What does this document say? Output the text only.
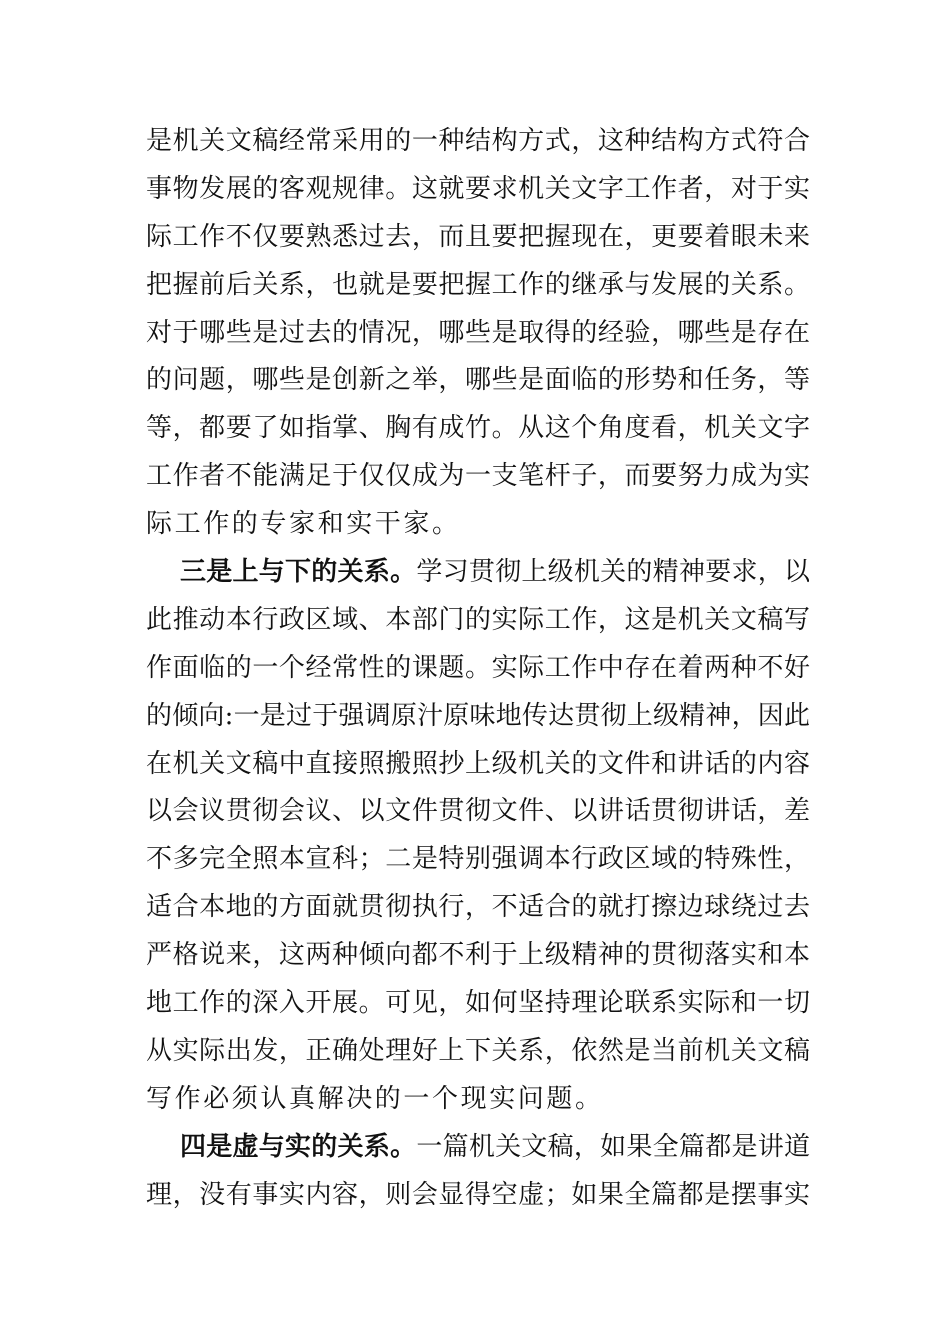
是机关文稿经常采用的一种结构方式，这种结构方式符合
事物发展的客观规律。这就要求机关文字工作者，对于实
际工作不仅要熟悉过去，而且要把握现在，更要着眼未来
把握前后关系，也就是要把握工作的继承与发展的关系。
对于哪些是过去的情况，哪些是取得的经验，哪些是存在
的问题，哪些是创新之举，哪些是面临的形势和任务，等
等，都要了如指掌、胸有成竹。从这个角度看，机关文字
工作者不能满足于仅仅成为一支笔杆子，而要努力成为实
际工作的专家和实干家。
三是上与下的关系。学习贯彻上级机关的精神要求，以
此推动本行政区域、本部门的实际工作，这是机关文稿写
作面临的一个经常性的课题。实际工作中存在着两种不好
的倾向:一是过于强调原汁原味地传达贯彻上级精神，因此
在机关文稿中直接照搬照抄上级机关的文件和讲话的内容
以会议贯彻会议、以文件贯彻文件、以讲话贯彻讲话，差
不多完全照本宣科；二是特别强调本行政区域的特殊性，
适合本地的方面就贯彻执行，不适合的就打擦边球绕过去
严格说来，这两种倾向都不利于上级精神的贯彻落实和本
地工作的深入开展。可见，如何坚持理论联系实际和一切
从实际出发，正确处理好上下关系，依然是当前机关文稿
写作必须认真解决的一个现实问题。
四是虚与实的关系。一篇机关文稿，如果全篇都是讲道
理，没有事实内容，则会显得空虚；如果全篇都是摆事实
